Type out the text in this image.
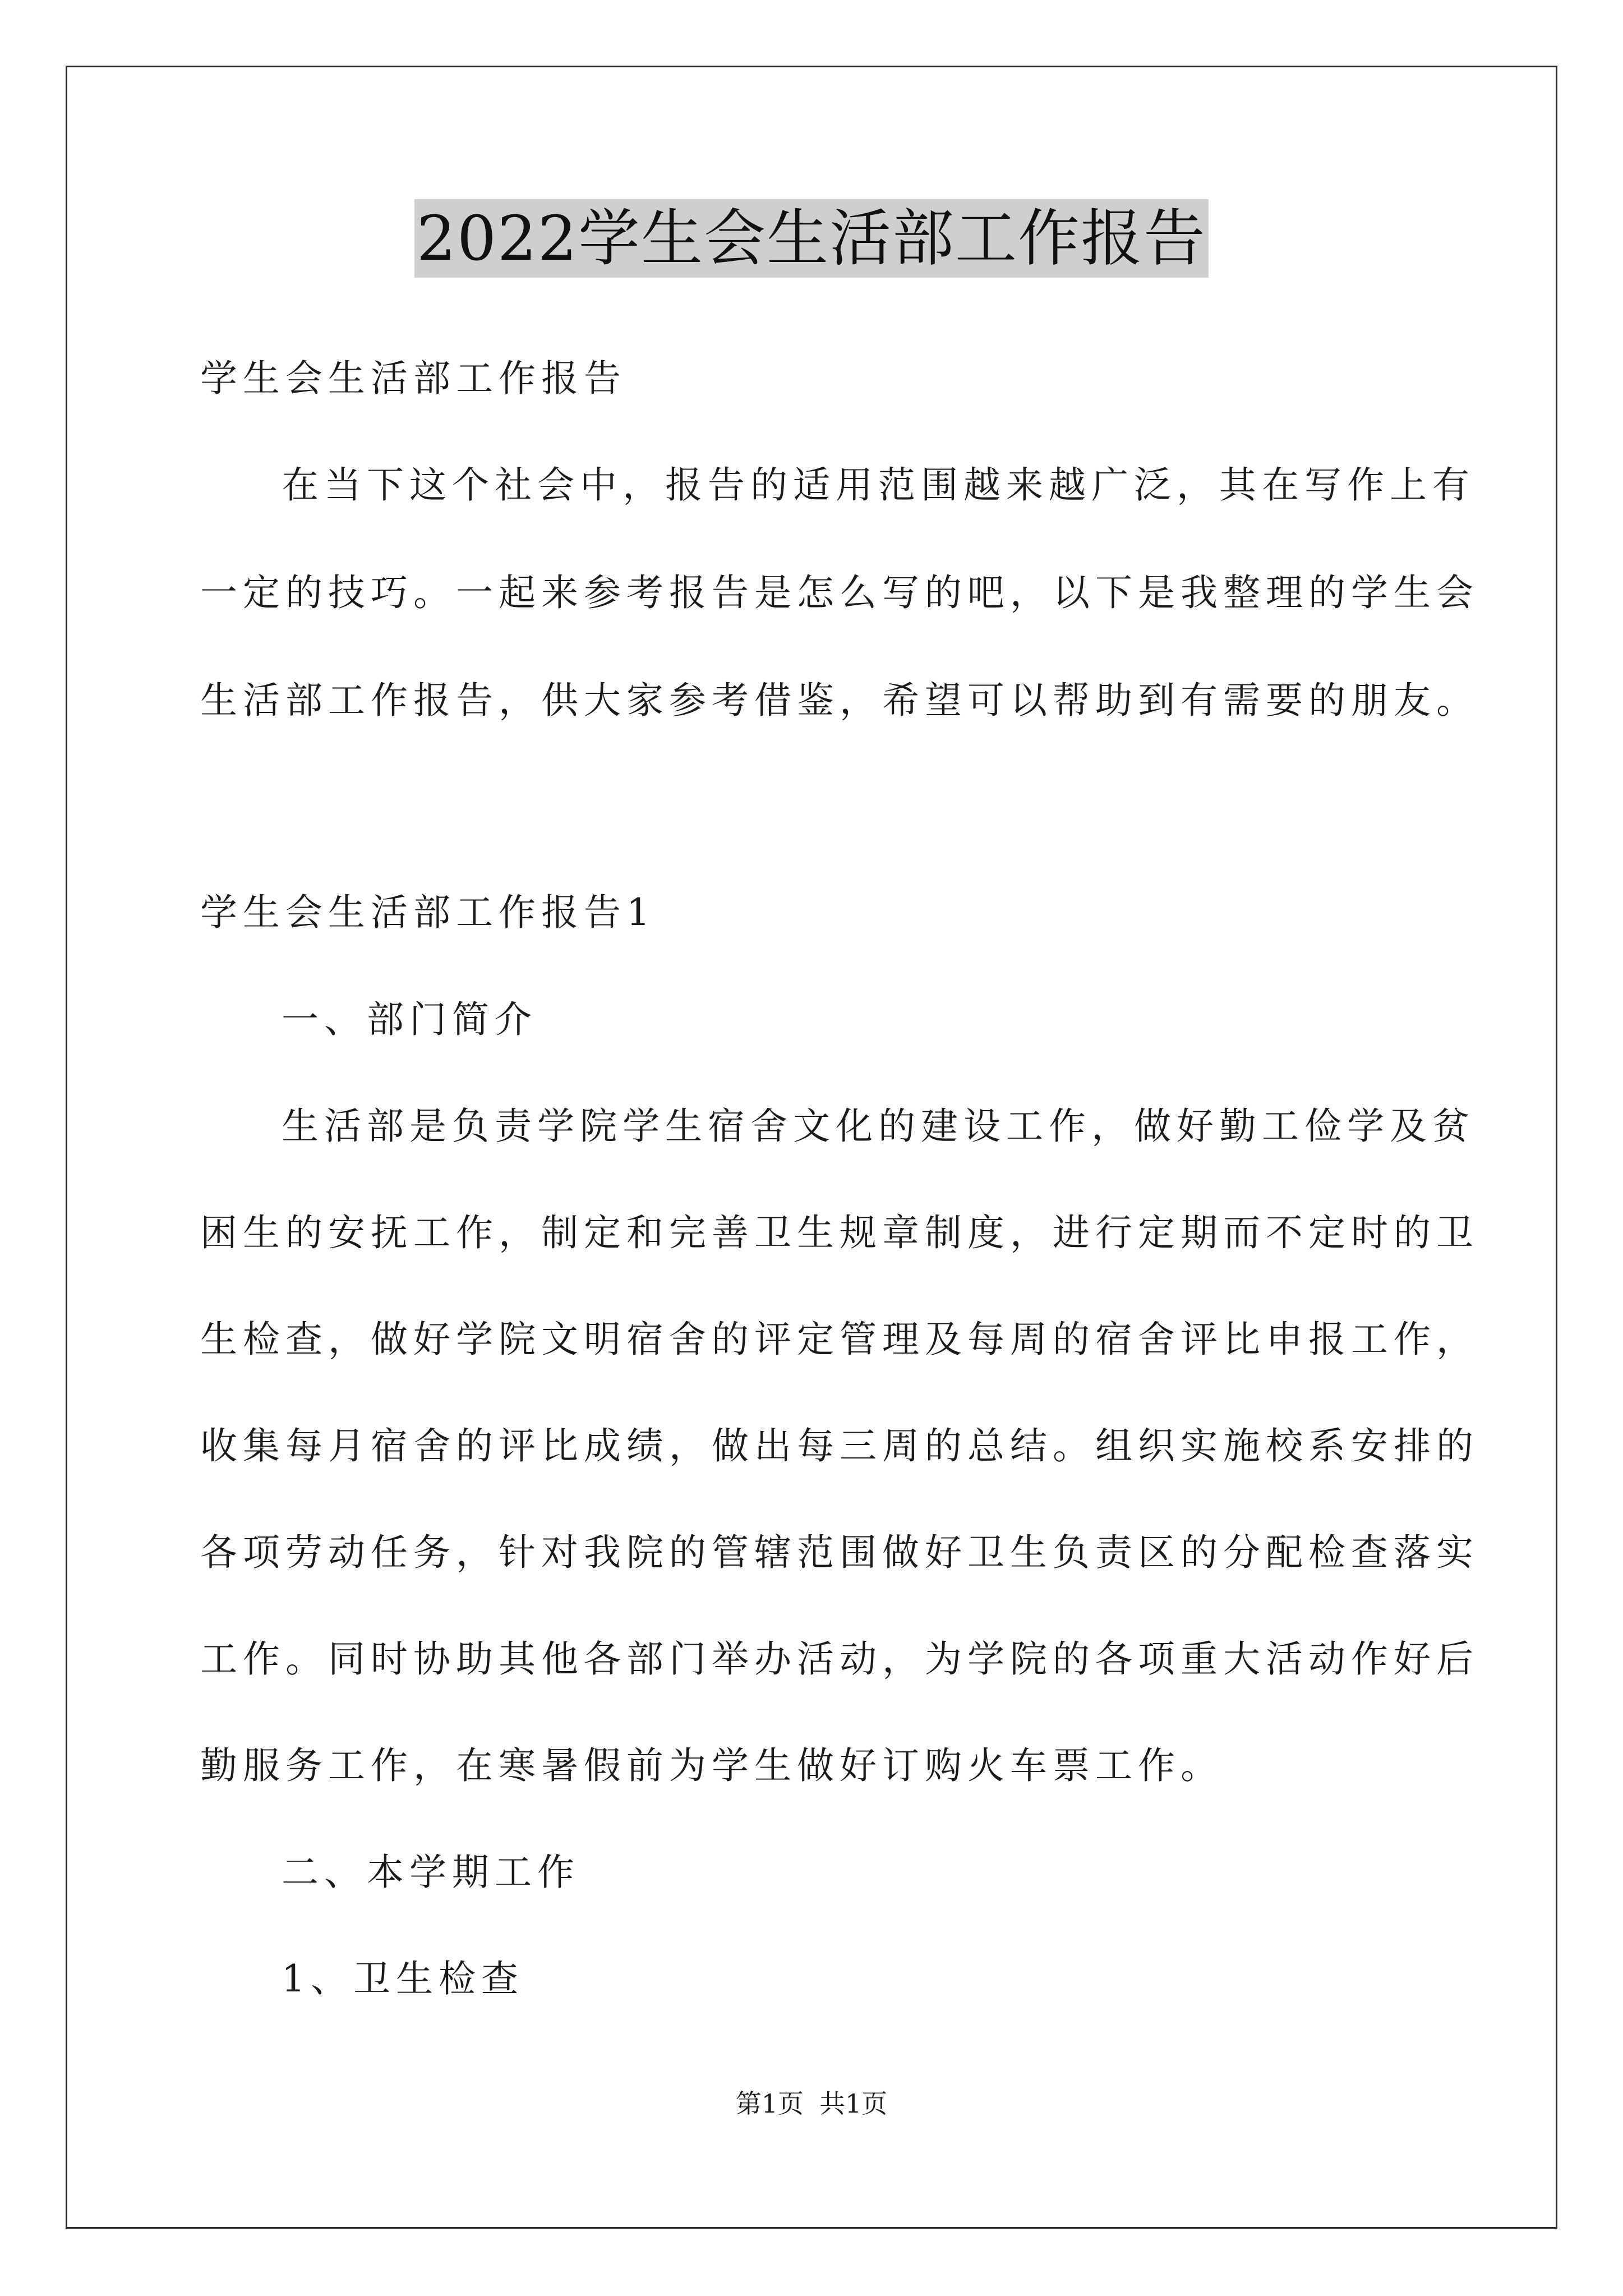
2022学生会生活部工作报告
学生会生活部工作报告
在当下这个社会中，报告的适用范围越来越广泛，其在写作上有
一定的技巧。一起来参考报告是怎么写的吧，以下是我整理的学生会
生活部工作报告，供大家参考借鉴，希望可以帮助到有需要的朋友。
学生会生活部工作报告1
一、部门简介
生活部是负责学院学生宿舍文化的建设工作，做好勤工俭学及贫
困生的安抚工作，制定和完善卫生规章制度，进行定期而不定时的卫
生检查，做好学院文明宿舍的评定管理及每周的宿舍评比申报工作，
收集每月宿舍的评比成绩，做出每三周的总结。组织实施校系安排的
各项劳动任务，针对我院的管辖范围做好卫生负责区的分配检查落实
工作。同时协助其他各部门举办活动，为学院的各项重大活动作好后
勤服务工作，在寒暑假前为学生做好订购火车票工作。
二、本学期工作
1、卫生检查
第1页 共1页
